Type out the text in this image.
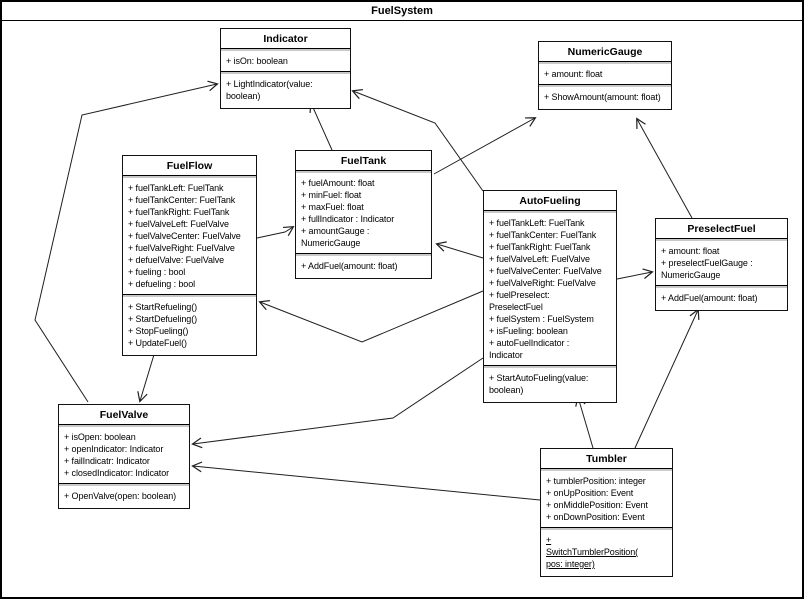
FuelSystem
Indicator
+ isOn: boolean
+ LightIndicator(value: boolean)
NumericGauge
+ amount: float
+ ShowAmount(amount: float)
FuelFlow
+ fuelTankLeft: FuelTank
+ fuelTankCenter: FuelTank
+ fuelTankRight: FuelTank
+ fuelValveLeft: FuelValve
+ fuelValveCenter: FuelValve
+ fuelValveRight: FuelValve
+ defuelValve: FuelValve
+ fueling : bool
+ defueling : bool
+ StartRefueling()
+ StartDefueling()
+ StopFueling()
+ UpdateFuel()
FuelTank
+ fuelAmount: float
+ minFuel: float
+ maxFuel: float
+ fullIndicator : Indicator
+ amountGauge : NumericGauge
+ AddFuel(amount: float)
AutoFueling
+ fuelTankLeft: FuelTank
+ fuelTankCenter: FuelTank
+ fuelTankRight: FuelTank
+ fuelValveLeft: FuelValve
+ fuelValveCenter: FuelValve
+ fuelValveRight: FuelValve
+ fuelPreselect: PreselectFuel
+ fuelSystem : FuelSystem
+ isFueling: boolean
+ autoFuelIndicator : Indicator
+ StartAutoFueling(value: boolean)
PreselectFuel
+ amount: float
+ preselectFuelGauge : NumericGauge
+ AddFuel(amount: float)
FuelValve
+ isOpen: boolean
+ openIndicator: Indicator
+ failIndicatr: Indicator
+ closedIndicator: Indicator
+ OpenValve(open: boolean)
Tumbler
+ tumblerPosition: integer
+ onUpPosition: Event
+ onMiddlePosition: Event
+ onDownPosition: Event
+ SwitchTumblerPosition(pos: integer)
